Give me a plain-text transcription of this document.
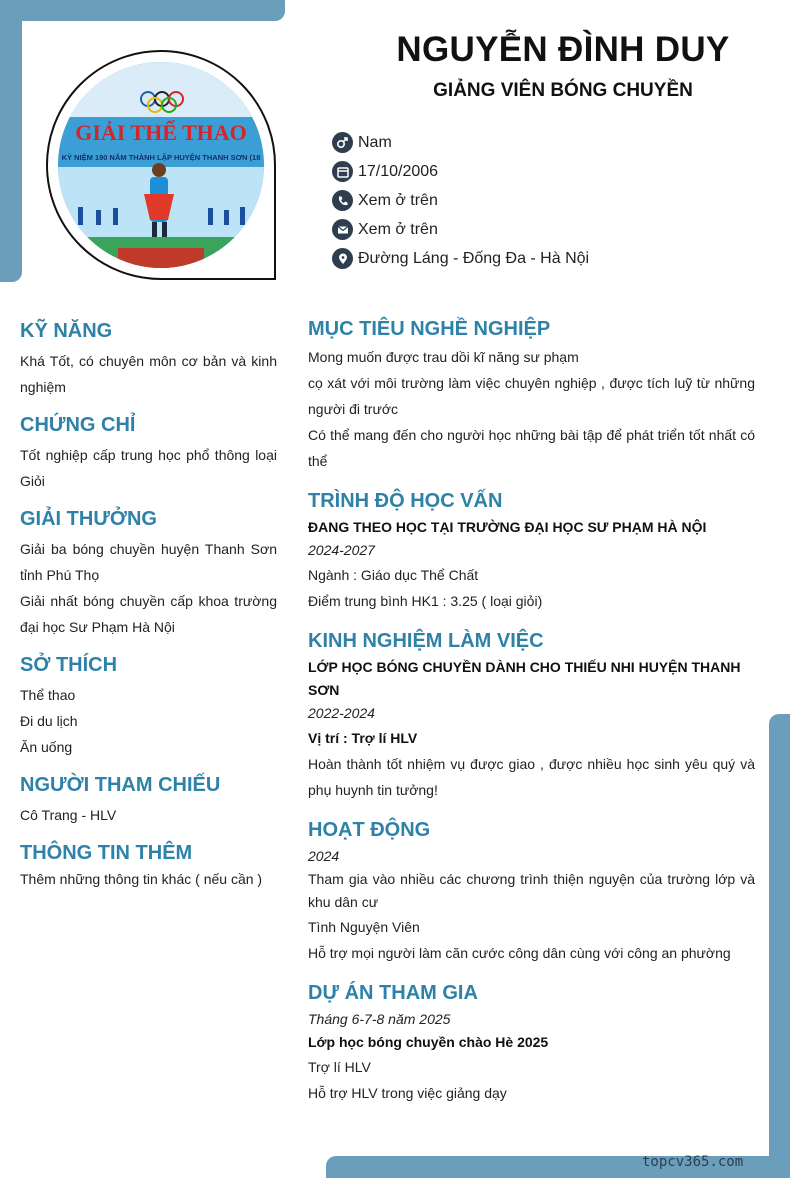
GIẢI THỂ THAO
KỶ NIỆM 190 NĂM THÀNH LẬP HUYỆN THANH SƠN (18
NGUYỄN ĐÌNH DUY
GIẢNG VIÊN BÓNG CHUYỀN
Nam
17/10/2006
Xem ở trên
Xem ở trên
Đường Láng - Đống Đa - Hà Nội
KỸ NĂNG
Khá Tốt, có chuyên môn cơ bản và kinh nghiệm
CHỨNG CHỈ
Tốt nghiệp cấp trung học phổ thông loại Giỏi
GIẢI THƯỞNG
Giải ba bóng chuyền huyện Thanh Sơn tỉnh Phú Thọ
Giải nhất bóng chuyền cấp khoa trường đại học Sư Phạm Hà Nội
SỞ THÍCH
Thể thao
Đi du lịch
Ăn uống
NGƯỜI THAM CHIẾU
Cô Trang - HLV
THÔNG TIN THÊM
Thêm những thông tin khác ( nếu cần )
MỤC TIÊU NGHỀ NGHIỆP
Mong muốn được trau dồi kĩ năng sư phạm
cọ xát với môi trường làm việc chuyên nghiệp , được tích luỹ từ những người đi trước
Có thể mang đến cho người học những bài tập để phát triển tốt nhất có thể
TRÌNH ĐỘ HỌC VẤN
ĐANG THEO HỌC TẠI TRƯỜNG ĐẠI HỌC SƯ PHẠM HÀ NỘI
2024-2027
Ngành : Giáo dục Thể Chất
Điểm trung bình HK1 : 3.25 ( loại giỏi)
KINH NGHIỆM LÀM VIỆC
LỚP HỌC BÓNG CHUYỀN DÀNH CHO THIẾU NHI HUYỆN THANH SƠN
2022-2024
Vị trí : Trợ lí HLV
Hoàn thành tốt nhiệm vụ được giao , được nhiều học sinh yêu quý và phụ huynh tin tưởng!
HOẠT ĐỘNG
2024
Tham gia vào nhiều các chương trình thiện nguyện của trường lớp và khu dân cư
Tình Nguyện Viên
Hỗ trợ mọi người làm căn cước công dân cùng với công an phường
DỰ ÁN THAM GIA
Tháng 6-7-8 năm 2025
Lớp học bóng chuyền chào Hè 2025
Trợ lí HLV
Hỗ trợ HLV trong việc giảng dạy
topcv365.com
